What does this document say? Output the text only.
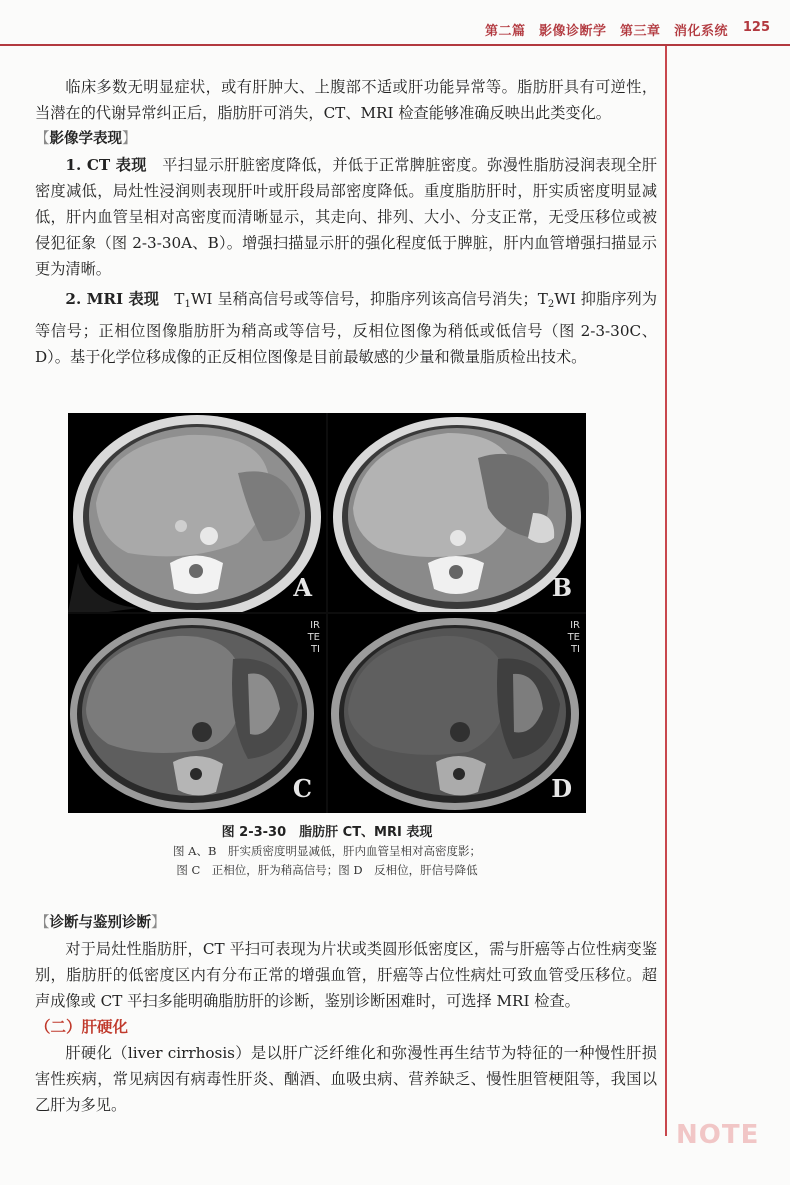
第二篇　影像诊断学　第三章　消化系统 125
NOTE

临床多数无明显症状，或有肝肿大、上腹部不适或肝功能异常等。脂肪肝具有可逆性，当潜在的代谢异常纠正后，脂肪肝可消失，CT、MRI 检查能够准确反映出此类变化。

【影像学表现】

1. CT 表现　 平扫显示肝脏密度降低，并低于正常脾脏密度。弥漫性脂肪浸润表现全肝密度减低，局灶性浸润则表现肝叶或肝段局部密度降低。重度脂肪肝时，肝实质密度明显减低，肝内血管呈相对高密度而清晰显示，其走向、排列、大小、分支正常，无受压移位或被侵犯征象（图 2-3-30A、B）。增强扫描显示肝的强化程度低于脾脏，肝内血管增强扫描显示更为清晰。

2. MRI 表现　 $T_1WI$ 呈稍高信号或等信号，抑脂序列该高信号消失；$T_2WI$ 抑脂序列为等信号；正相位图像脂肪肝为稍高或等信号，反相位图像为稍低或低信号（图 2-3-30C、D）。基于化学位移成像的正反相位图像是目前最敏感的少量和微量脂质检出技术。

A	B
IR
TE
TI
C
IR
TE
TI
D
图 2-3-30　脂肪肝 CT、MRI 表现
图 A、B　肝实质密度明显减低，肝内血管呈相对高密度影；
图 C　正相位，肝为稍高信号；图 D　反相位，肝信号降低

【诊断与鉴别诊断】

对于局灶性脂肪肝，CT 平扫可表现为片状或类圆形低密度区，需与肝癌等占位性病变鉴别，脂肪肝的低密度区内有分布正常的增强血管，肝癌等占位性病灶可致血管受压移位。超声成像或 CT 平扫多能明确脂肪肝的诊断，鉴别诊断困难时，可选择 MRI 检查。

（二）肝硬化

肝硬化（liver cirrhosis）是以肝广泛纤维化和弥漫性再生结节为特征的一种慢性肝损害性疾病，常见病因有病毒性肝炎、酗酒、血吸虫病、营养缺乏、慢性胆管梗阻等，我国以乙肝为多见。
